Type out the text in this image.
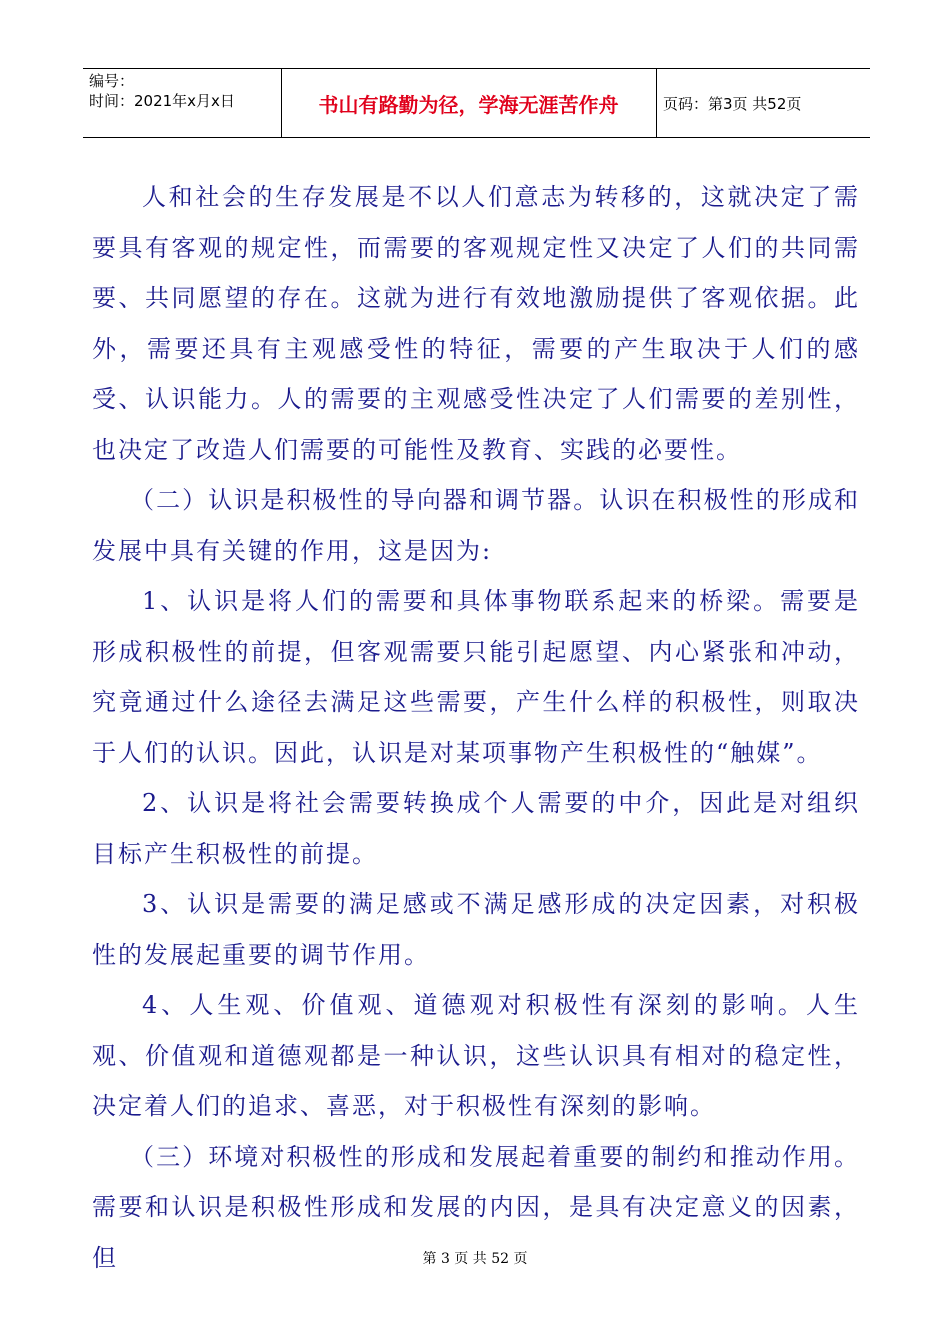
编号：
时间：2021年x月x日	书山有路勤为径，学海无涯苦作舟	页码：第3页 共52页

人和社会的生存发展是不以人们意志为转移的，这就决定了需要具有客观的规定性，而需要的客观规定性又决定了人们的共同需要、共同愿望的存在。这就为进行有效地激励提供了客观依据。此外，需要还具有主观感受性的特征，需要的产生取决于人们的感受、认识能力。人的需要的主观感受性决定了人们需要的差别性，也决定了改造人们需要的可能性及教育、实践的必要性。

（二）认识是积极性的导向器和调节器。认识在积极性的形成和发展中具有关键的作用，这是因为:

1、认识是将人们的需要和具体事物联系起来的桥梁。需要是形成积极性的前提，但客观需要只能引起愿望、内心紧张和冲动，究竟通过什么途径去满足这些需要，产生什么样的积极性，则取决于人们的认识。因此，认识是对某项事物产生积极性的“触媒”。

2、认识是将社会需要转换成个人需要的中介，因此是对组织目标产生积极性的前提。

3、认识是需要的满足感或不满足感形成的决定因素，对积极性的发展起重要的调节作用。

4、人生观、价值观、道德观对积极性有深刻的影响。人生观、价值观和道德观都是一种认识，这些认识具有相对的稳定性，决定着人们的追求、喜恶，对于积极性有深刻的影响。

（三）环境对积极性的形成和发展起着重要的制约和推动作用。需要和认识是积极性形成和发展的内因，是具有决定意义的因素，但	第 3 页 共 52 页
